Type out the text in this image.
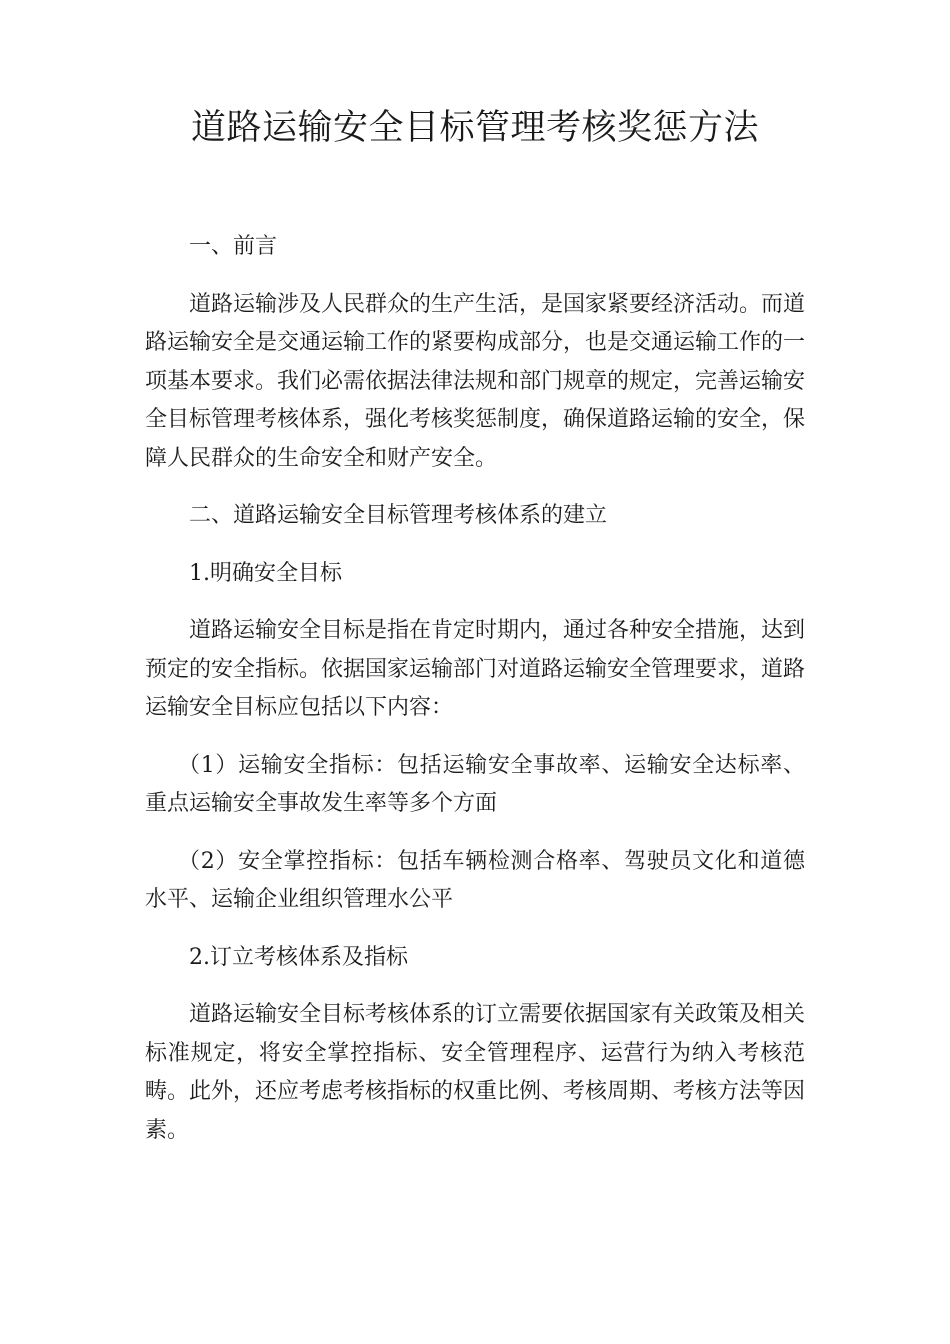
道路运输安全目标管理考核奖惩方法

一、前言

道路运输涉及人民群众的生产生活，是国家紧要经济活动。而道路运输安全是交通运输工作的紧要构成部分，也是交通运输工作的一项基本要求。我们必需依据法律法规和部门规章的规定，完善运输安全目标管理考核体系，强化考核奖惩制度，确保道路运输的安全，保障人民群众的生命安全和财产安全。

二、道路运输安全目标管理考核体系的建立

1.明确安全目标

道路运输安全目标是指在肯定时期内，通过各种安全措施，达到预定的安全指标。依据国家运输部门对道路运输安全管理要求，道路运输安全目标应包括以下内容：

（1）运输安全指标：包括运输安全事故率、运输安全达标率、重点运输安全事故发生率等多个方面

（2）安全掌控指标：包括车辆检测合格率、驾驶员文化和道德水平、运输企业组织管理水公平

2.订立考核体系及指标

道路运输安全目标考核体系的订立需要依据国家有关政策及相关标准规定，将安全掌控指标、安全管理程序、运营行为纳入考核范畴。此外，还应考虑考核指标的权重比例、考核周期、考核方法等因素。
